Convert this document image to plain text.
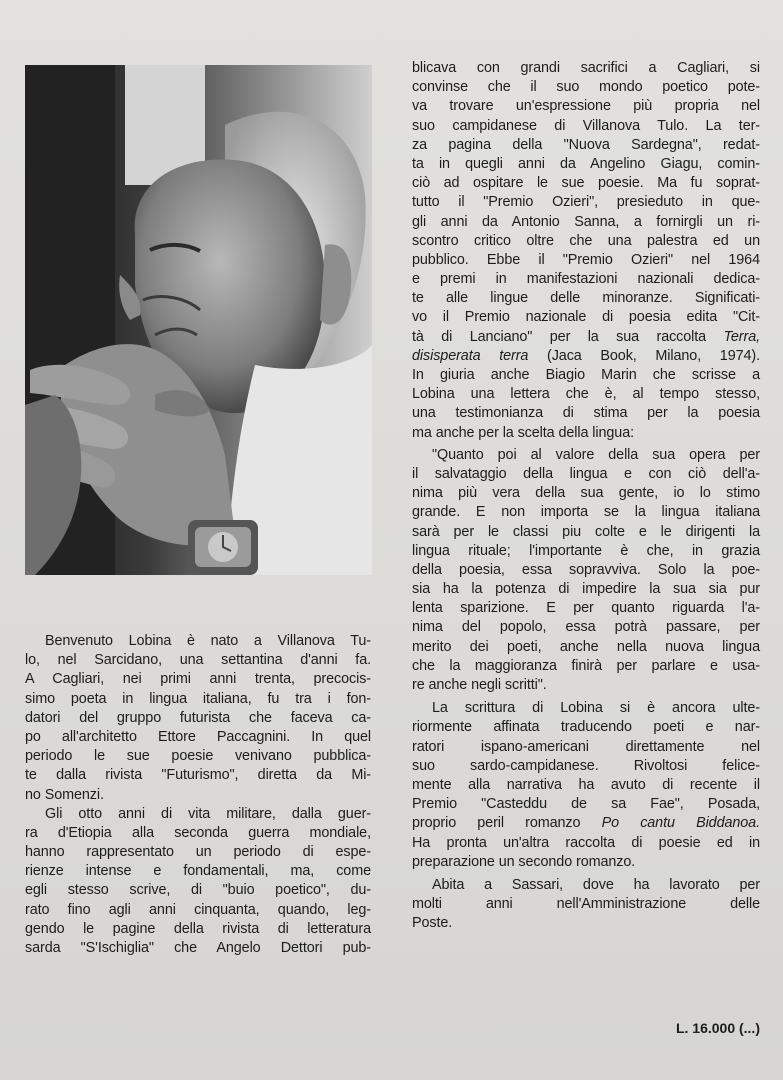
Benvenuto Lobina è nato a Villanova Tu-
lo, nel Sarcidano, una settantina d'anni fa.
A Cagliari, nei primi anni trenta, precocis-
simo poeta in lingua italiana, fu tra i fon-
datori del gruppo futurista che faceva ca-
po all'architetto Ettore Paccagnini. In quel
periodo le sue poesie venivano pubblica-
te dalla rivista "Futurismo", diretta da Mi-
no Somenzi.

Gli otto anni di vita militare, dalla guer-
ra d'Etiopia alla seconda guerra mondiale,
hanno rappresentato un periodo di espe-
rienze intense e fondamentali, ma, come
egli stesso scrive, di "buio poetico", du-
rato fino agli anni cinquanta, quando, leg-
gendo le pagine della rivista di letteratura
sarda "S'Ischiglia" che Angelo Dettori pub-

blicava con grandi sacrifici a Cagliari, si
convinse che il suo mondo poetico pote-
va trovare un'espressione più propria nel
suo campidanese di Villanova Tulo. La ter-
za pagina della "Nuova Sardegna", redat-
ta in quegli anni da Angelino Giagu, comin-
ciò ad ospitare le sue poesie. Ma fu soprat-
tutto il "Premio Ozieri", presieduto in que-
gli anni da Antonio Sanna, a fornirgli un ri-
scontro critico oltre che una palestra ed un
pubblico. Ebbe il "Premio Ozieri" nel 1964
e premi in manifestazioni nazionali dedica-
te alle lingue delle minoranze. Significati-
vo il Premio nazionale di poesia edita "Cit-
tà di Lanciano" per la sua raccolta Terra,
disisperata terra (Jaca Book, Milano, 1974).
In giuria anche Biagio Marin che scrisse a
Lobina una lettera che è, al tempo stesso,
una testimonianza di stima per la poesia
ma anche per la scelta della lingua:

"Quanto poi al valore della sua opera per
il salvataggio della lingua e con ciò dell'a-
nima più vera della sua gente, io lo stimo
grande. E non importa se la lingua italiana
sarà per le classi piu colte e le dirigenti la
lingua rituale; l'importante è che, in grazia
della poesia, essa sopravviva. Solo la poe-
sia ha la potenza di impedire la sua sia pur
lenta sparizione. E per quanto riguarda l'a-
nima del popolo, essa potrà passare, per
merito dei poeti, anche nella nuova lingua
che la maggioranza finirà per parlare e usa-
re anche negli scritti".

La scrittura di Lobina si è ancora ulte-
riormente affinata traducendo poeti e nar-
ratori ispano-americani direttamente nel
suo sardo-campidanese. Rivoltosi felice-
mente alla narrativa ha avuto di recente il
Premio "Casteddu de sa Fae", Posada,
proprio peril romanzo Po cantu Biddanoa.
Ha pronta un'altra raccolta di poesie ed in
preparazione un secondo romanzo.

Abita a Sassari, dove ha lavorato per
molti anni nell'Amministrazione delle
Poste.

L. 16.000 (...)
